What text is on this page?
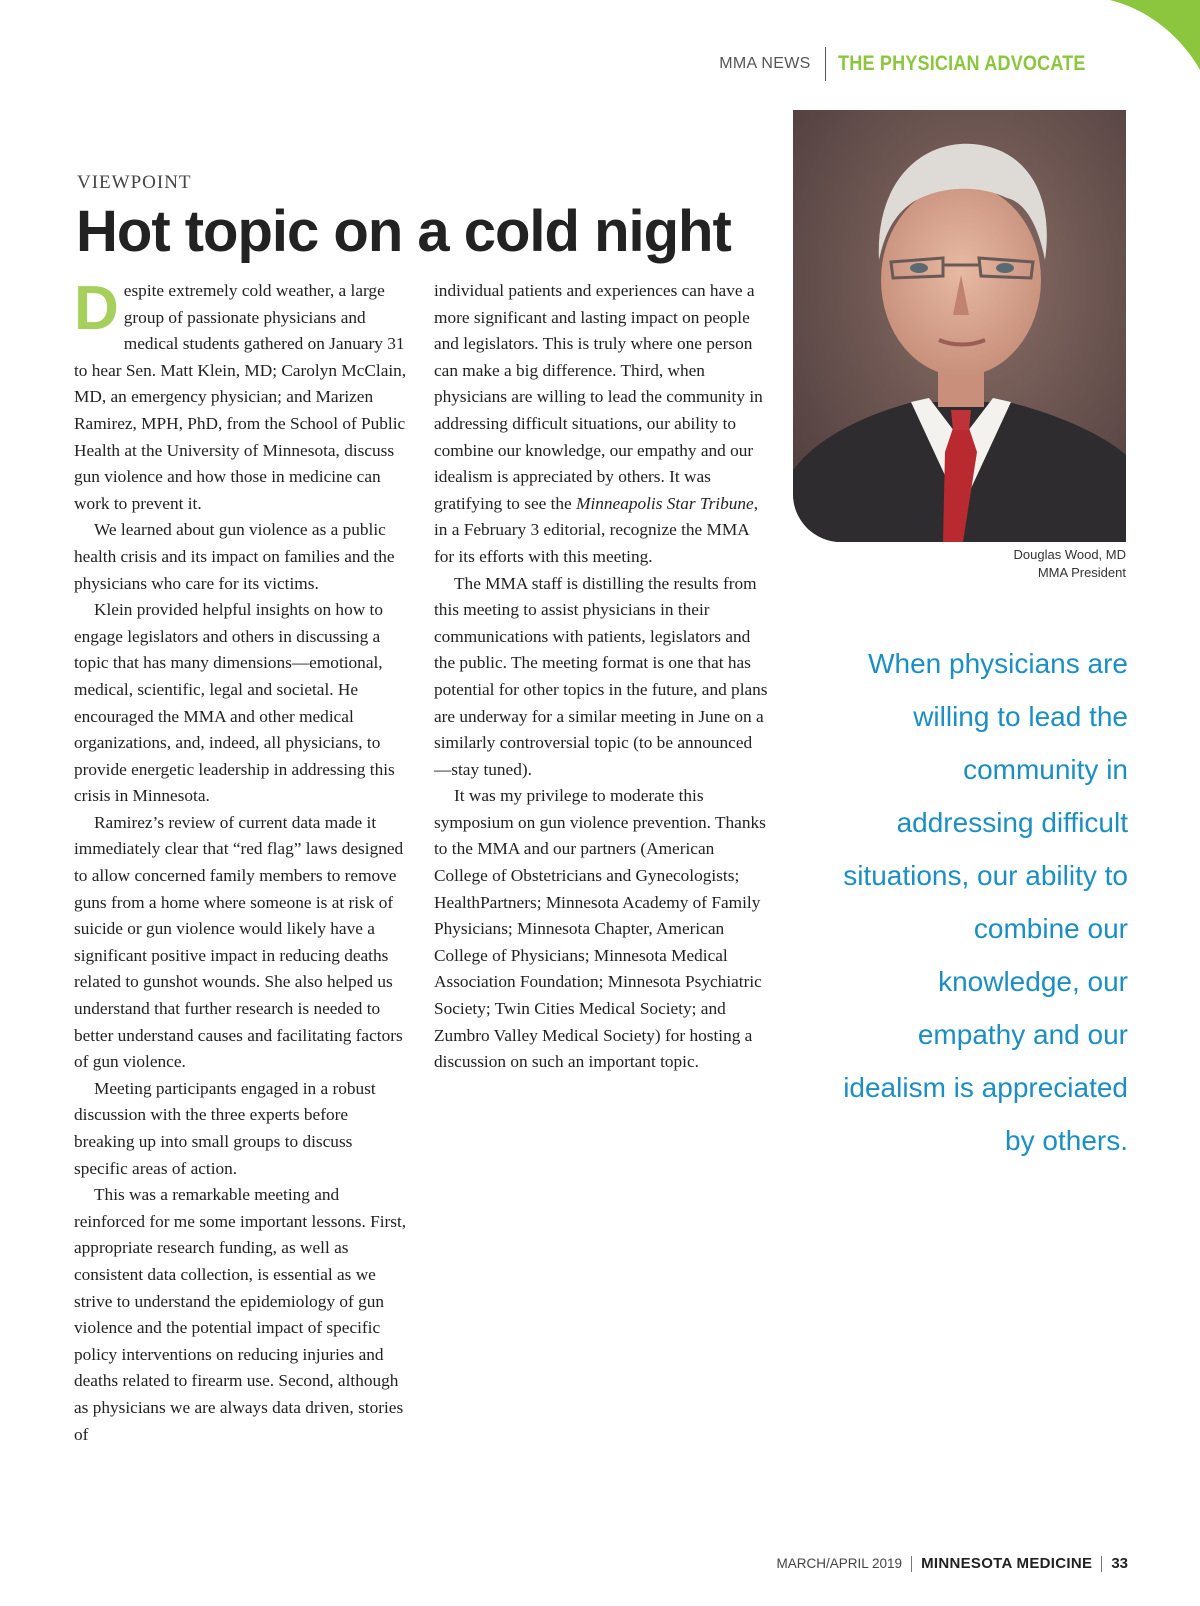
MMA NEWS	THE PHYSICIAN ADVOCATE
Douglas Wood, MD
MMA President
VIEWPOINT
Hot topic on a cold night

Despite extremely cold weather, a large group of passionate physicians and medical students gathered on January 31 to hear Sen. Matt Klein, MD; Carolyn McClain, MD, an emergency physician; and Marizen Ramirez, MPH, PhD, from the School of Public Health at the University of Minnesota, discuss gun violence and how those in medicine can work to prevent it.

We learned about gun violence as a public health crisis and its impact on families and the physicians who care for its victims.

Klein provided helpful insights on how to engage legislators and others in discussing a topic that has many dimensions—emotional, medical, scientific, legal and societal. He encouraged the MMA and other medical organizations, and, indeed, all physicians, to provide energetic leadership in addressing this crisis in Minnesota.

Ramirez’s review of current data made it immediately clear that “red flag” laws designed to allow concerned family members to remove guns from a home where someone is at risk of suicide or gun violence would likely have a significant positive impact in reducing deaths related to gunshot wounds. She also helped us understand that further research is needed to better understand causes and facilitating factors of gun violence.

Meeting participants engaged in a robust discussion with the three experts before breaking up into small groups to discuss specific areas of action.

This was a remarkable meeting and reinforced for me some important lessons. First, appropriate research funding, as well as consistent data collection, is essential as we strive to understand the epidemiology of gun violence and the potential impact of specific policy interventions on reducing injuries and deaths related to firearm use. Second, although as physicians we are always data driven, stories of

individual patients and experiences can have a more significant and lasting impact on people and legislators. This is truly where one person can make a big difference. Third, when physicians are willing to lead the community in addressing difficult situations, our ability to combine our knowledge, our empathy and our idealism is appreciated by others. It was gratifying to see the Minneapolis Star Tribune, in a February 3 editorial, recognize the MMA for its efforts with this meeting.

The MMA staff is distilling the results from this meeting to assist physicians in their communications with patients, legislators and the public. The meeting format is one that has potential for other topics in the future, and plans are underway for a similar meeting in June on a similarly controversial topic (to be announced—stay tuned).

It was my privilege to moderate this symposium on gun violence prevention. Thanks to the MMA and our partners (American College of Obstetricians and Gynecologists; HealthPartners; Minnesota Academy of Family Physicians; Minnesota Chapter, American College of Physicians; Minnesota Medical Association Foundation; Minnesota Psychiatric Society; Twin Cities Medical Society; and Zumbro Valley Medical Society) for hosting a discussion on such an important topic.

When physicians are willing to lead the community in addressing difficult situations, our ability to combine our knowledge, our empathy and our idealism is appreciated by others.
MARCH/APRIL 2019	MINNESOTA MEDICINE	33
